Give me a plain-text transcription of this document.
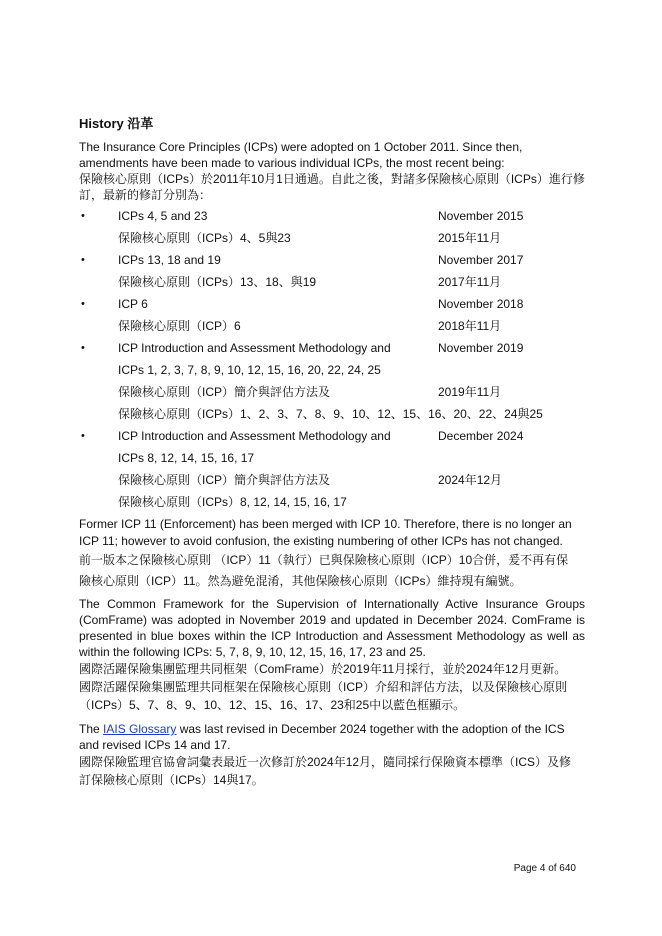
History 沿革
The Insurance Core Principles (ICPs) were adopted on 1 October 2011. Since then, amendments have been made to various individual ICPs, the most recent being:
保險核心原則（ICPs）於2011年10月1日通過。自此之後，對諸多保險核心原則（ICPs）進行修訂，最新的修訂分別為：
•	ICPs 4, 5 and 23	November 2015
保險核心原則（ICPs）4、5與23	2015年11月
•	ICPs 13, 18 and 19	November 2017
保險核心原則（ICPs）13、18、與19	2017年11月
•	ICP 6	November 2018
保險核心原則（ICP）6	2018年11月
•	ICP Introduction and Assessment Methodology and	November 2019
ICPs 1, 2, 3, 7, 8, 9, 10, 12, 15, 16, 20, 22, 24, 25
保險核心原則（ICP）簡介與評估方法及	2019年11月
保險核心原則（ICPs）1、2、3、7、8、9、10、12、15、16、20、22、24與25
•	ICP Introduction and Assessment Methodology and	December 2024
ICPs 8, 12, 14, 15, 16, 17
保險核心原則（ICP）簡介與評估方法及	2024年12月
保險核心原則（ICPs）8, 12, 14, 15, 16, 17
Former ICP 11 (Enforcement) has been merged with ICP 10. Therefore, there is no longer an
ICP 11; however to avoid confusion, the existing numbering of other ICPs has not changed.
前一版本之保險核心原則 （ICP）11（執行）已與保險核心原則（ICP）10合併，爰不再有保
險核心原則（ICP）11。然為避免混淆，其他保險核心原則（ICPs）維持現有編號。
The Common Framework for the Supervision of Internationally Active Insurance Groups (ComFrame) was adopted in November 2019 and updated in December 2024. ComFrame is presented in blue boxes within the ICP Introduction and Assessment Methodology as well as within the following ICPs: 5, 7, 8, 9, 10, 12, 15, 16, 17, 23 and 25.
國際活躍保險集團監理共同框架（ComFrame）於2019年11月採行，並於2024年12月更新。
國際活躍保險集團監理共同框架在保險核心原則（ICP）介紹和評估方法，以及保險核心原則
（ICPs）5、7、8、9、10、12、15、16、17、23和25中以藍色框顯示。
The IAIS Glossary was last revised in December 2024 together with the adoption of the ICS
and revised ICPs 14 and 17.
國際保險監理官協會詞彙表最近一次修訂於2024年12月，隨同採行保險資本標準（ICS）及修
訂保險核心原則（ICPs）14與17。
Page 4 of 640
